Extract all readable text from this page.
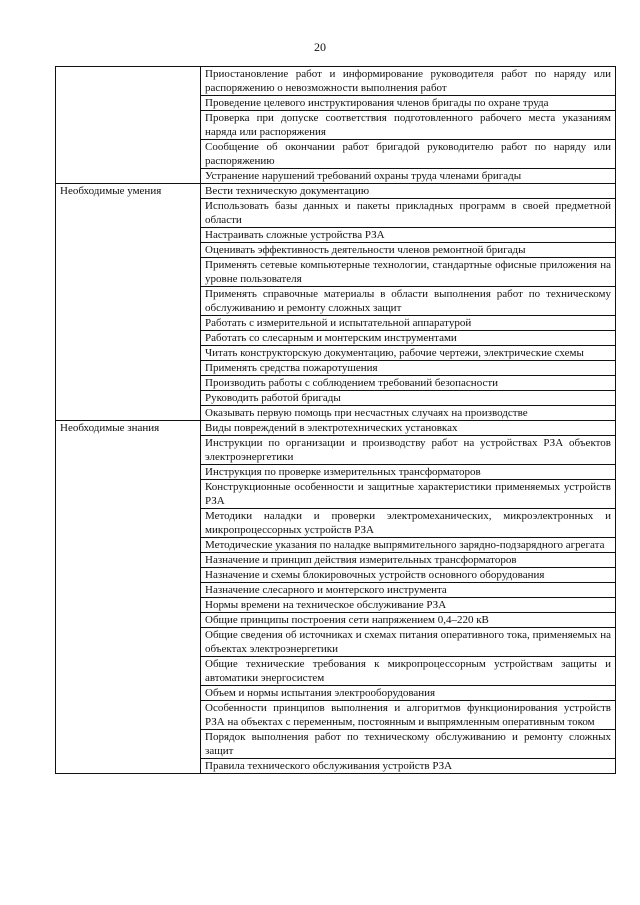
20
	Приостановление работ и информирование руководителя работ по наряду или распоряжению о невозможности выполнения работ
	Проведение целевого инструктирования членов бригады по охране труда
	Проверка при допуске соответствия подготовленного рабочего места указаниям наряда или распоряжения
	Сообщение об окончании работ бригадой руководителю работ по наряду или распоряжению
	Устранение нарушений требований охраны труда членами бригады
Необходимые умения	Вести техническую документацию
	Использовать базы данных и пакеты прикладных программ в своей предметной области
	Настраивать сложные устройства РЗА
	Оценивать эффективность деятельности членов ремонтной бригады
	Применять сетевые компьютерные технологии, стандартные офисные приложения на уровне пользователя
	Применять справочные материалы в области выполнения работ по техническому обслуживанию и ремонту сложных защит
	Работать с измерительной и испытательной аппаратурой
	Работать со слесарным и монтерским инструментами
	Читать конструкторскую документацию, рабочие чертежи, электрические схемы
	Применять средства пожаротушения
	Производить работы с соблюдением требований безопасности
	Руководить работой бригады
	Оказывать первую помощь при несчастных случаях на производстве
Необходимые знания	Виды повреждений в электротехнических установках
	Инструкции по организации и производству работ на устройствах РЗА объектов электроэнергетики
	Инструкция по проверке измерительных трансформаторов
	Конструкционные особенности и защитные характеристики применяемых устройств РЗА
	Методики наладки и проверки электромеханических, микроэлектронных и микропроцессорных устройств РЗА
	Методические указания по наладке выпрямительного зарядно-подзарядного агрегата
	Назначение и принцип действия измерительных трансформаторов
	Назначение и схемы блокировочных устройств основного оборудования
	Назначение слесарного и монтерского инструмента
	Нормы времени на техническое обслуживание РЗА
	Общие принципы построения сети напряжением 0,4–220 кВ
	Общие сведения об источниках и схемах питания оперативного тока, применяемых на объектах электроэнергетики
	Общие технические требования к микропроцессорным устройствам защиты и автоматики энергосистем
	Объем и нормы испытания электрооборудования
	Особенности принципов выполнения и алгоритмов функционирования устройств РЗА на объектах с переменным, постоянным и выпрямленным оперативным током
	Порядок выполнения работ по техническому обслуживанию и ремонту сложных защит
	Правила технического обслуживания устройств РЗА
